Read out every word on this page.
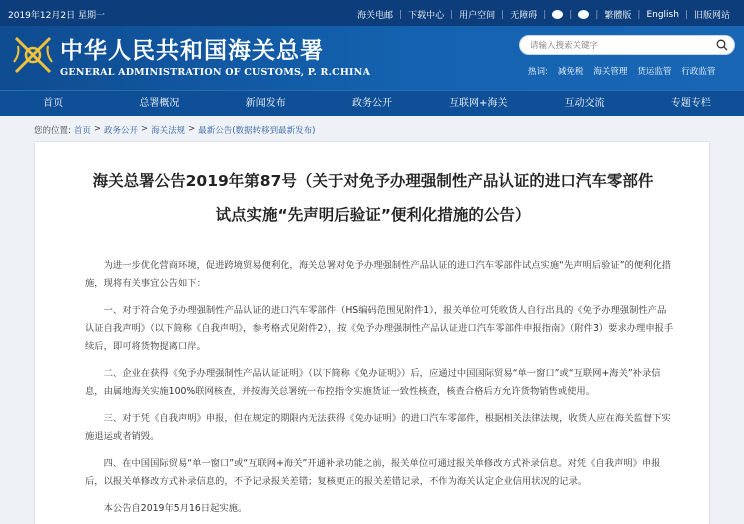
2019年12月2日 星期一	海关电邮 | 下载中心 | 用户空间 | 无障碍 |	|	| 繁體版 | English | 旧版网站
中华人民共和国海关总署
GENERAL ADMINISTRATION OF CUSTOMS, P. R.CHINA
请输入搜索关键字	热词: 减免税 海关管理 货运监管 行政监管
首页	总署概况	新闻发布	政务公开	互联网+海关	互动交流	专题专栏
您的位置: 首页 > 政务公开 > 海关法规 > 最新公告(数据转移到最新发布)
海关总署公告2019年第87号（关于对免予办理强制性产品认证的进口汽车零部件
试点实施“先声明后验证”便利化措施的公告）

为进一步优化营商环境，促进跨境贸易便利化，海关总署对免予办理强制性产品认证的进口汽车零部件试点实施“先声明后验证”的便利化措施，现将有关事宜公告如下：

一、对于符合免予办理强制性产品认证的进口汽车零部件（HS编码范围见附件1），报关单位可凭收货人自行出具的《免予办理强制性产品认证自我声明》（以下简称《自我声明》，参考格式见附件2），按《免予办理强制性产品认证进口汽车零部件申报指南》（附件3）要求办理申报手续后，即可将货物提离口岸。

二、企业在获得《免予办理强制性产品认证证明》（以下简称《免办证明》）后，应通过中国国际贸易“单一窗口”或“互联网+海关”补录信息，由属地海关实施100%联网核查，并按海关总署统一布控指令实施货证一致性核查，核查合格后方允许货物销售或使用。

三、对于凭《自我声明》申报，但在规定的期限内无法获得《免办证明》的进口汽车零部件，根据相关法律法规，收货人应在海关监督下实施退运或者销毁。

四、在中国国际贸易“单一窗口”或“互联网+海关”开通补录功能之前，报关单位可通过报关单修改方式补录信息。对凭《自我声明》申报后，以报关单修改方式补录信息的，不予记录报关差错；复核更正的报关差错记录，不作为海关认定企业信用状况的记录。

本公告自2019年5月16日起实施。
